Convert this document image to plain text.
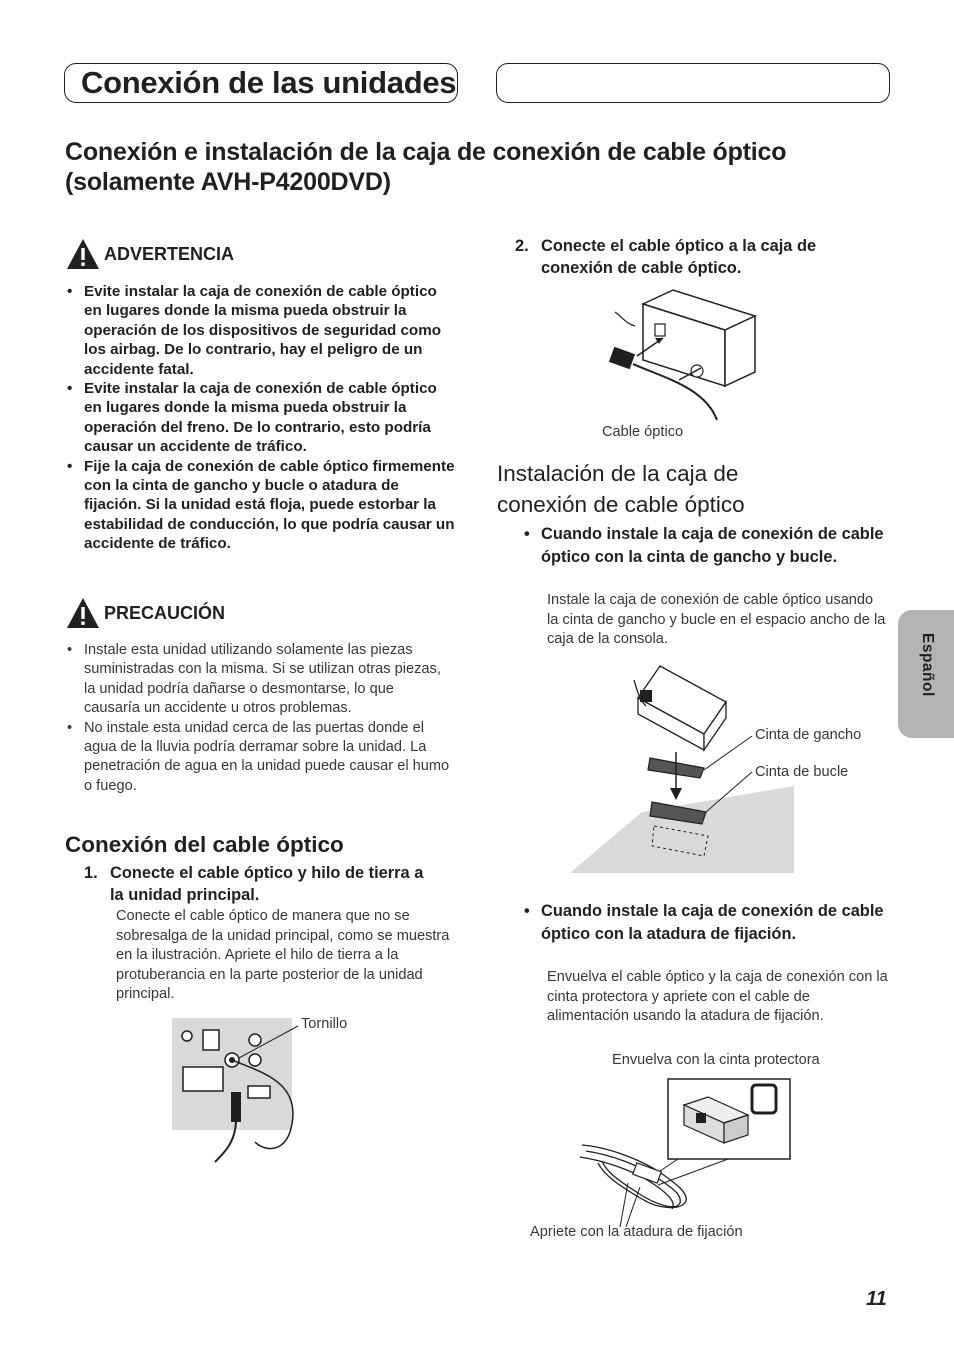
Conexión de las unidades
Conexión e instalación de la caja de conexión de cable óptico
(solamente AVH-P4200DVD)
ADVERTENCIA
• Evite instalar la caja de conexión de cable óptico en lugares donde la misma pueda obstruir la operación de los dispositivos de seguridad como los airbag. De lo contrario, hay el peligro de un accidente fatal.
• Evite instalar la caja de conexión de cable óptico en lugares donde la misma pueda obstruir la operación del freno. De lo contrario, esto podría causar un accidente de tráfico.
• Fije la caja de conexión de cable óptico firmemente con la cinta de gancho y bucle o atadura de fijación. Si la unidad está floja, puede estorbar la estabilidad de conducción, lo que podría causar un accidente de tráfico.
PRECAUCIÓN
• Instale esta unidad utilizando solamente las piezas suministradas con la misma. Si se utilizan otras piezas, la unidad podría dañarse o desmontarse, lo que causaría un accidente u otros problemas.
• No instale esta unidad cerca de las puertas donde el agua de la lluvia podría derramar sobre la unidad. La penetración de agua en la unidad puede causar el humo o fuego.
Conexión del cable óptico
1. Conecte el cable óptico y hilo de tierra a la unidad principal.
Conecte el cable óptico de manera que no se sobresalga de la unidad principal, como se muestra en la ilustración. Apriete el hilo de tierra a la protuberancia en la parte posterior de la unidad principal.
Tornillo
2. Conecte el cable óptico a la caja de conexión de cable óptico.
Cable óptico
Instalación de la caja de
conexión de cable óptico
• Cuando instale la caja de conexión de cable óptico con la cinta de gancho y bucle.
Instale la caja de conexión de cable óptico usando la cinta de gancho y bucle en el espacio ancho de la caja de la consola.
Cinta de gancho
Cinta de bucle
• Cuando instale la caja de conexión de cable óptico con la atadura de fijación.
Envuelva el cable óptico y la caja de conexión con la cinta protectora y apriete con el cable de alimentación usando la atadura de fijación.
Envuelva con la cinta protectora
Apriete con la atadura de fijación
Español
11
